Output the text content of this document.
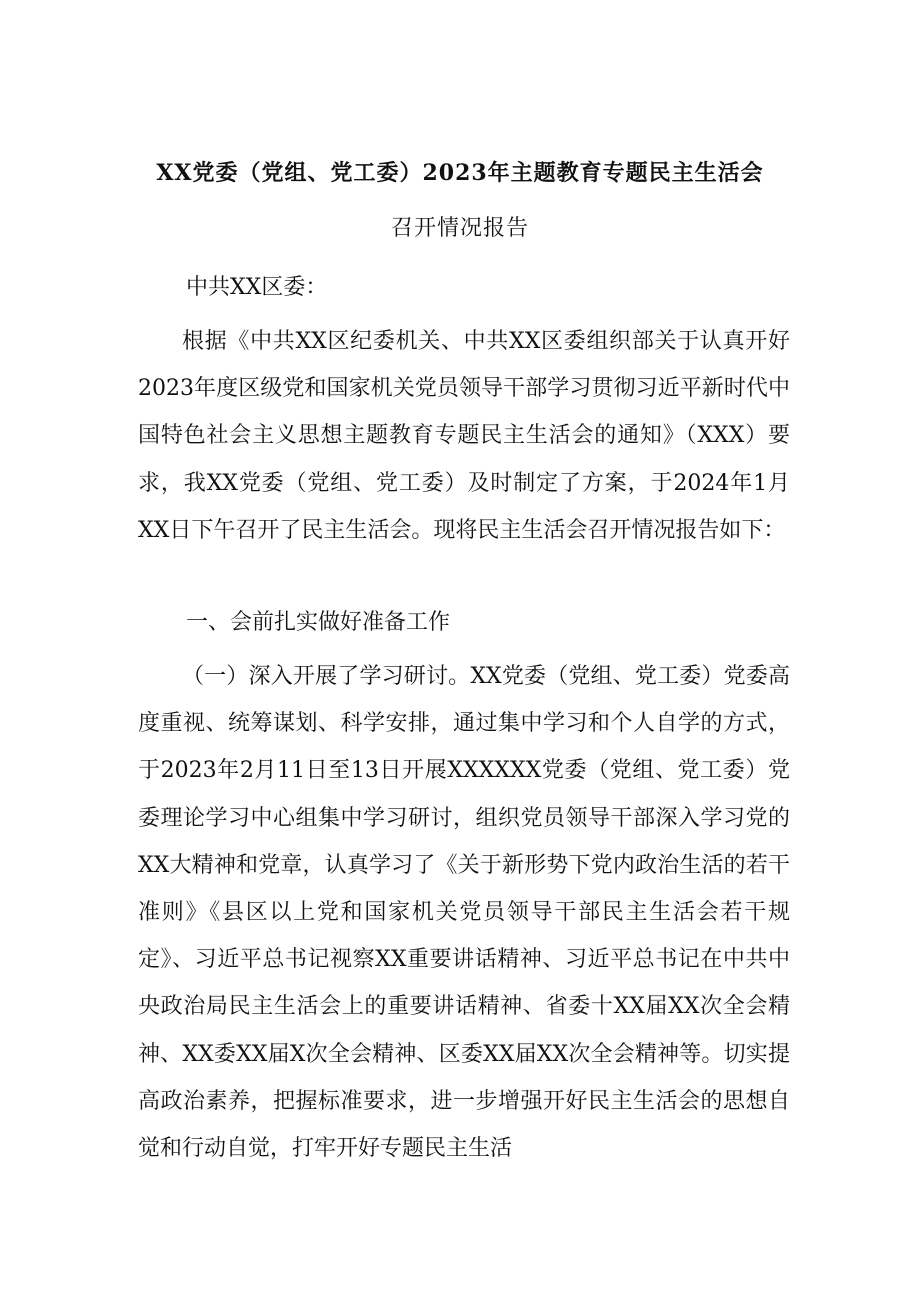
XX党委（党组、党工委）2023年主题教育专题民主生活会
召开情况报告
中共XX区委：

根据《中共XX区纪委机关、中共XX区委组织部关于认真开好2023年度区级党和国家机关党员领导干部学习贯彻习近平新时代中国特色社会主义思想主题教育专题民主生活会的通知》（XXX）要求，我XX党委（党组、党工委）及时制定了方案，于2024年1月XX日下午召开了民主生活会。现将民主生活会召开情况报告如下：

一、会前扎实做好准备工作

（一）深入开展了学习研讨。XX党委（党组、党工委）党委高度重视、统筹谋划、科学安排，通过集中学习和个人自学的方式，于2023年2月11日至13日开展XXXXXX党委（党组、党工委）党委理论学习中心组集中学习研讨，组织党员领导干部深入学习党的XX大精神和党章，认真学习了《关于新形势下党内政治生活的若干准则》《县区以上党和国家机关党员领导干部民主生活会若干规定》、习近平总书记视察XX重要讲话精神、习近平总书记在中共中央政治局民主生活会上的重要讲话精神、省委十XX届XX次全会精神、XX委XX届X次全会精神、区委XX届XX次全会精神等。切实提高政治素养，把握标准要求，进一步增强开好民主生活会的思想自觉和行动自觉，打牢开好专题民主生活
